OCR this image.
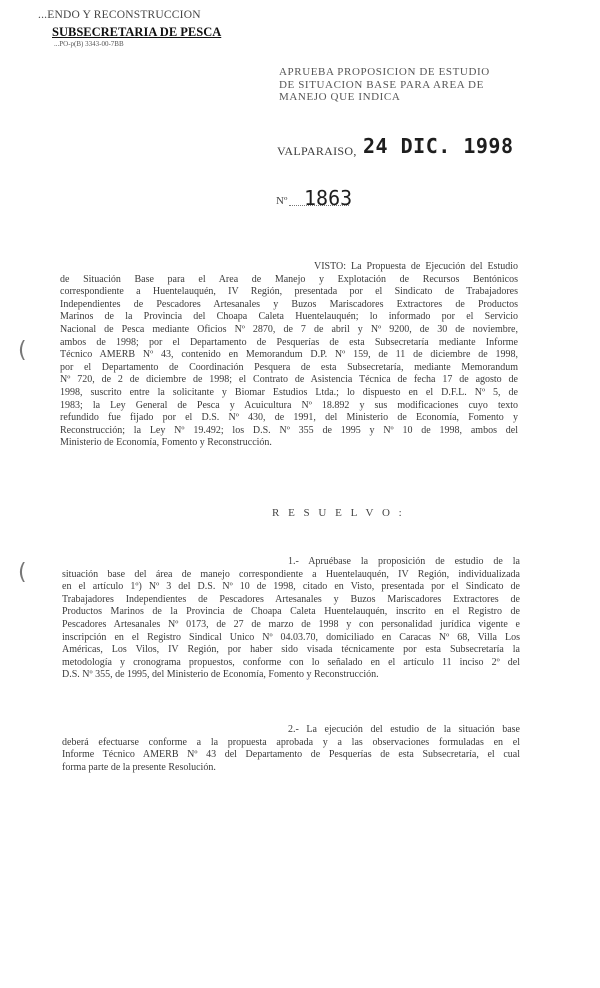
...ENDO Y RECONSTRUCCION
SUBSECRETARIA DE PESCA
...PO-p(B) 3343-00-7BB
APRUEBA PROPOSICION DE ESTUDIO DE SITUACION BASE PARA AREA DE MANEJO QUE INDICA
VALPARAISO, 24 DIC. 1998
Nº 1863
VISTO: La Propuesta de Ejecución del Estudio
de Situación Base para el Area de Manejo y Explotación de Recursos Bentónicos
correspondiente a Huentelauquén, IV Región, presentada por el Sindicato de Trabajadores
Independientes de Pescadores Artesanales y Buzos Mariscadores Extractores de Productos
Marinos de la Provincia del Choapa Caleta Huentelauquén; lo informado por el Servicio
Nacional de Pesca mediante Oficios Nº 2870, de 7 de abril y Nº 9200, de 30 de noviembre,
ambos de 1998; por el Departamento de Pesquerías de esta Subsecretaría mediante Informe
Técnico AMERB Nº 43, contenido en Memorandum D.P. Nº 159, de 11 de diciembre de 1998,
por el Departamento de Coordinación Pesquera de esta Subsecretaría, mediante Memorandum
Nº 720, de 2 de diciembre de 1998; el Contrato de Asistencia Técnica de fecha 17 de agosto de
1998, suscrito entre la solicitante y Biomar Estudios Ltda.; lo dispuesto en el D.F.L. Nº 5, de
1983; la Ley General de Pesca y Acuicultura Nº 18.892 y sus modificaciones cuyo texto
refundido fue fijado por el D.S. Nº 430, de 1991, del Ministerio de Economía, Fomento y
Reconstrucción; la Ley Nº 19.492; los D.S. Nº 355 de 1995 y Nº 10 de 1998, ambos del
Ministerio de Economía, Fomento y Reconstrucción.
(
(
R E S U E L V O :
1.- Apruébase la proposición de estudio de la
situación base del área de manejo correspondiente a Huentelauquén, IV Región, individualizada
en el artículo 1º) Nº 3 del D.S. Nº 10 de 1998, citado en Visto, presentada por el Sindicato de
Trabajadores Independientes de Pescadores Artesanales y Buzos Mariscadores Extractores de
Productos Marinos de la Provincia de Choapa Caleta Huentelauquén, inscrito en el Registro de
Pescadores Artesanales Nº 0173, de 27 de marzo de 1998 y con personalidad jurídica vigente e
inscripción en el Registro Sindical Unico Nº 04.03.70, domiciliado en Caracas Nº 68, Villa Los
Américas, Los Vilos, IV Región, por haber sido visada técnicamente por esta Subsecretaría la
metodología y cronograma propuestos, conforme con lo señalado en el artículo 11 inciso 2º del
D.S. Nº 355, de 1995, del Ministerio de Economía, Fomento y Reconstrucción.
2.- La ejecución del estudio de la situación base
deberá efectuarse conforme a la propuesta aprobada y a las observaciones formuladas en el
Informe Técnico AMERB Nº 43 del Departamento de Pesquerías de esta Subsecretaría, el cual
forma parte de la presente Resolución.
